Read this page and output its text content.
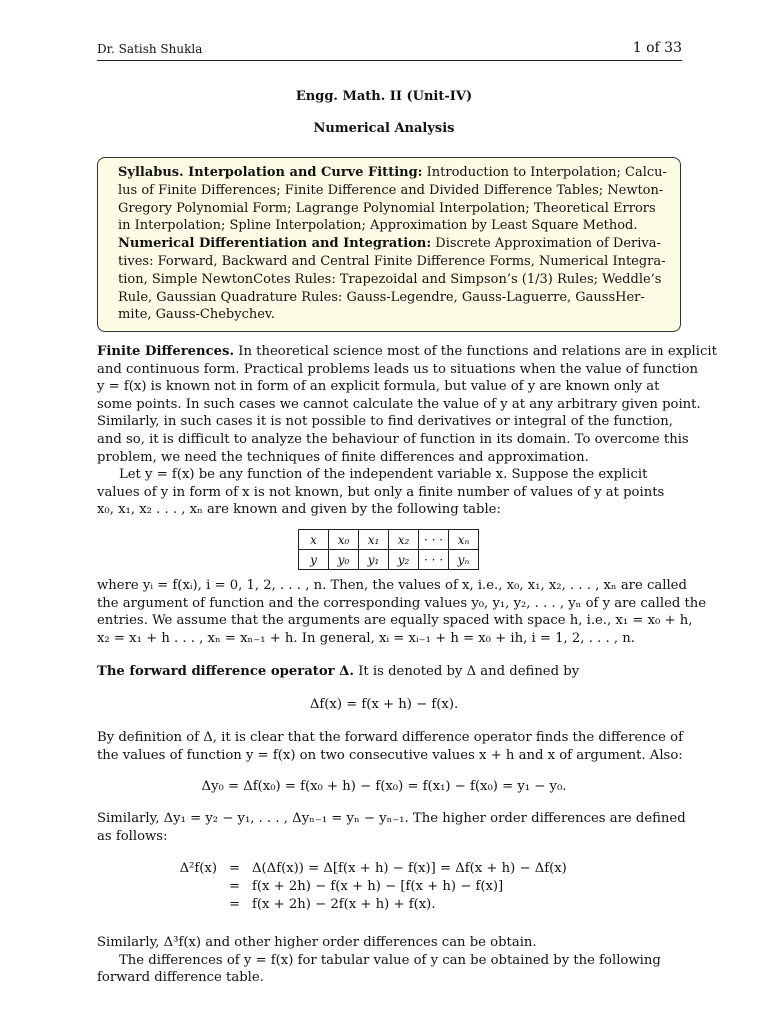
Dr. Satish Shukla	1 of 33
Engg. Math. II (Unit-IV)
Numerical Analysis
Syllabus. Interpolation and Curve Fitting: Introduction to Interpolation; Calcu-
lus of Finite Differences; Finite Difference and Divided Difference Tables; Newton-
Gregory Polynomial Form; Lagrange Polynomial Interpolation; Theoretical Errors
in Interpolation; Spline Interpolation; Approximation by Least Square Method.
Numerical Differentiation and Integration: Discrete Approximation of Deriva-
tives: Forward, Backward and Central Finite Difference Forms, Numerical Integra-
tion, Simple NewtonCotes Rules: Trapezoidal and Simpson’s (1/3) Rules; Weddle’s
Rule, Gaussian Quadrature Rules: Gauss-Legendre, Gauss-Laguerre, GaussHer-
mite, Gauss-Chebychev.
Finite Differences. In theoretical science most of the functions and relations are in explicit
and continuous form. Practical problems leads us to situations when the value of function
y = f(x) is known not in form of an explicit formula, but value of y are known only at
some points. In such cases we cannot calculate the value of y at any arbitrary given point.
Similarly, in such cases it is not possible to find derivatives or integral of the function,
and so, it is difficult to analyze the behaviour of function in its domain. To overcome this
problem, we need the techniques of finite differences and approximation.
Let y = f(x) be any function of the independent variable x. Suppose the explicit
values of y in form of x is not known, but only a finite number of values of y at points
x₀, x₁, x₂ . . . , xₙ are known and given by the following table:
x	x₀	x₁	x₂	· · ·	xₙ
y	y₀	y₁	y₂	· · ·	yₙ
where yᵢ = f(xᵢ), i = 0, 1, 2, . . . , n. Then, the values of x, i.e., x₀, x₁, x₂, . . . , xₙ are called
the argument of function and the corresponding values y₀, y₁, y₂, . . . , yₙ of y are called the
entries. We assume that the arguments are equally spaced with space h, i.e., x₁ = x₀ + h,
x₂ = x₁ + h . . . , xₙ = xₙ₋₁ + h. In general, xᵢ = xᵢ₋₁ + h = x₀ + ih, i = 1, 2, . . . , n.
The forward difference operator Δ. It is denoted by Δ and defined by
Δf(x) = f(x + h) − f(x).
By definition of Δ, it is clear that the forward difference operator finds the difference of
the values of function y = f(x) on two consecutive values x + h and x of argument. Also:
Δy₀ = Δf(x₀) = f(x₀ + h) − f(x₀) = f(x₁) − f(x₀) = y₁ − y₀.
Similarly, Δy₁ = y₂ − y₁, . . . , Δyₙ₋₁ = yₙ − yₙ₋₁. The higher order differences are defined
as follows:
Δ²f(x) = Δ(Δf(x)) = Δ[f(x + h) − f(x)] = Δf(x + h) − Δf(x)
= f(x + 2h) − f(x + h) − [f(x + h) − f(x)]
= f(x + 2h) − 2f(x + h) + f(x).
Similarly, Δ³f(x) and other higher order differences can be obtain.
The differences of y = f(x) for tabular value of y can be obtained by the following
forward difference table.
